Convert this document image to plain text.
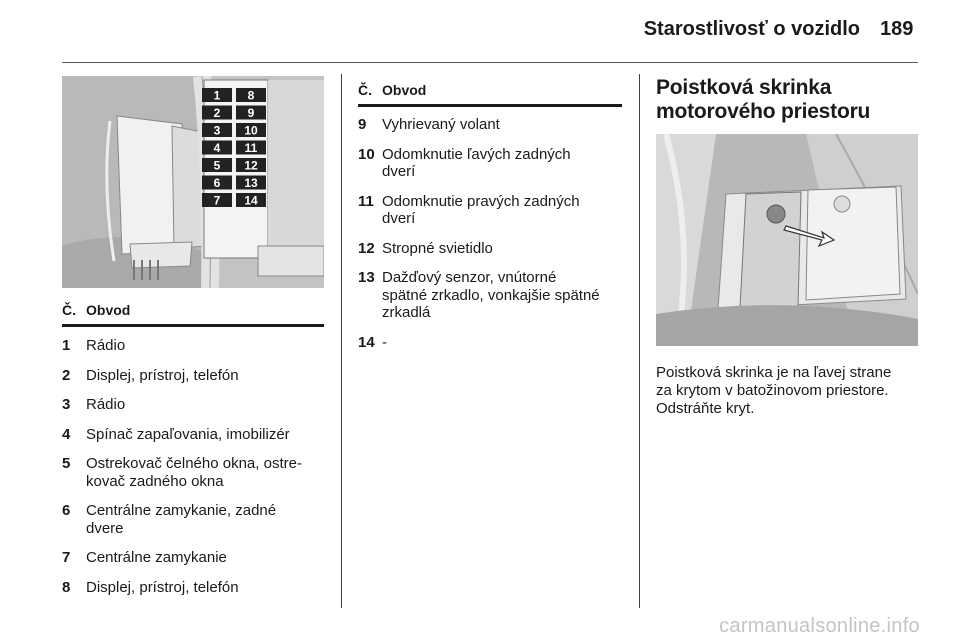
Starostlivosť o vozidlo 189
1
2
3
4
5
6
7
8
9
10
11
12
13
14
Č. Obvod
1	Rádio
2	Displej, prístroj, telefón
3	Rádio
4	Spínač zapaľovania, imobilizér
5	Ostrekovač čelného okna, ostre-
kovač zadného okna
6	Centrálne zamykanie, zadné
dvere
7	Centrálne zamykanie
8	Displej, prístroj, telefón
Č. Obvod
9	Vyhrievaný volant
10 Odomknutie ľavých zadných
dverí
11 Odomknutie pravých zadných
dverí
12 Stropné svietidlo
13 Dažďový senzor, vnútorné
spätné zrkadlo, vonkajšie spätné
zrkadlá
14 -
Poistková skrinka
motorového priestoru

Poistková skrinka je na ľavej strane
za krytom v batožinovom priestore.
Odstráňte kryt.

carmanualsonline.info
